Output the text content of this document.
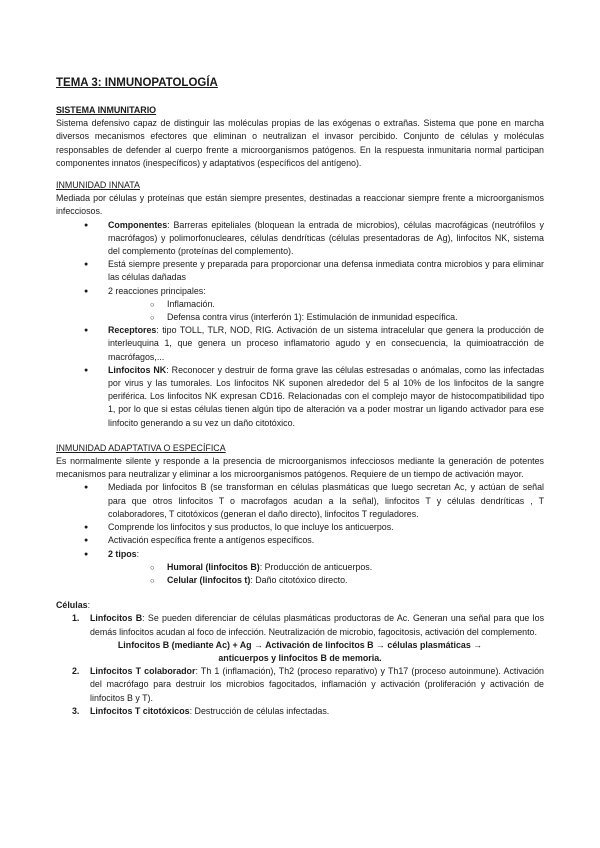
TEMA 3: INMUNOPATOLOGÍA
SISTEMA INMUNITARIO

Sistema defensivo capaz de distinguir las moléculas propias de las exógenas o extrañas. Sistema que pone en marcha diversos mecanismos efectores que eliminan o neutralizan el invasor percibido. Conjunto de células y moléculas responsables de defender al cuerpo frente a microorganismos patógenos. En la respuesta inmunitaria normal participan componentes innatos (inespecíficos) y adaptativos (específicos del antígeno).

INMUNIDAD INNATA

Mediada por células y proteínas que están siempre presentes, destinadas a reaccionar siempre frente a microorganismos infecciosos.

● Componentes: Barreras epiteliales (bloquean la entrada de microbios), células macrofágicas (neutrófilos y macrófagos) y polimorfonucleares, células dendríticas (células presentadoras de Ag), linfocitos NK, sistema del complemento (proteínas del complemento).
● Está siempre presente y preparada para proporcionar una defensa inmediata contra microbios y para eliminar las células dañadas
● 2 reacciones principales:
○ Inflamación.
○ Defensa contra virus (interferón 1): Estimulación de inmunidad específica.
● Receptores: tipo TOLL, TLR, NOD, RIG. Activación de un sistema intracelular que genera la producción de interleuquina 1, que genera un proceso inflamatorio agudo y en consecuencia, la quimioatracción de macrófagos,...
● Linfocitos NK: Reconocer y destruir de forma grave las células estresadas o anómalas, como las infectadas por virus y las tumorales. Los linfocitos NK suponen alrededor del 5 al 10% de los linfocitos de la sangre periférica. Los linfocitos NK expresan CD16. Relacionadas con el complejo mayor de histocompatibilidad tipo 1, por lo que si estas células tienen algún tipo de alteración va a poder mostrar un ligando activador para ese linfocito generando a su vez un daño citotóxico.
INMUNIDAD ADAPTATIVA O ESPECÍFICA

Es normalmente silente y responde a la presencia de microorganismos infecciosos mediante la generación de potentes mecanismos para neutralizar y eliminar a los microorganismos patógenos. Requiere de un tiempo de activación mayor.

● Mediada por linfocitos B (se transforman en células plasmáticas que luego secretan Ac, y actúan de señal para que otros linfocitos T o macrofagos acudan a la señal), linfocitos T y células dendríticas , T colaboradores, T citotóxicos (generan el daño directo), linfocitos T reguladores.
● Comprende los linfocitos y sus productos, lo que incluye los anticuerpos.
● Activación específica frente a antígenos específicos.
● 2 tipos:
○ Humoral (linfocitos B): Producción de anticuerpos.
○ Celular (linfocitos t): Daño citotóxico directo.
Células:
1. Linfocitos B: Se pueden diferenciar de células plasmáticas productoras de Ac. Generan una señal para que los demás linfocitos acudan al foco de infección. Neutralización de microbio, fagocitosis, activación del complemento.
Linfocitos B (mediante Ac) + Ag → Activación de linfocitos B → células plasmáticas → anticuerpos y linfocitos B de memoria.
2. Linfocitos T colaborador: Th 1 (inflamación), Th2 (proceso reparativo) y Th17 (proceso autoinmune). Activación del macrófago para destruir los microbios fagocitados, inflamación y activación (proliferación y activación de linfocitos B y T).
3. Linfocitos T citotóxicos: Destrucción de células infectadas.
